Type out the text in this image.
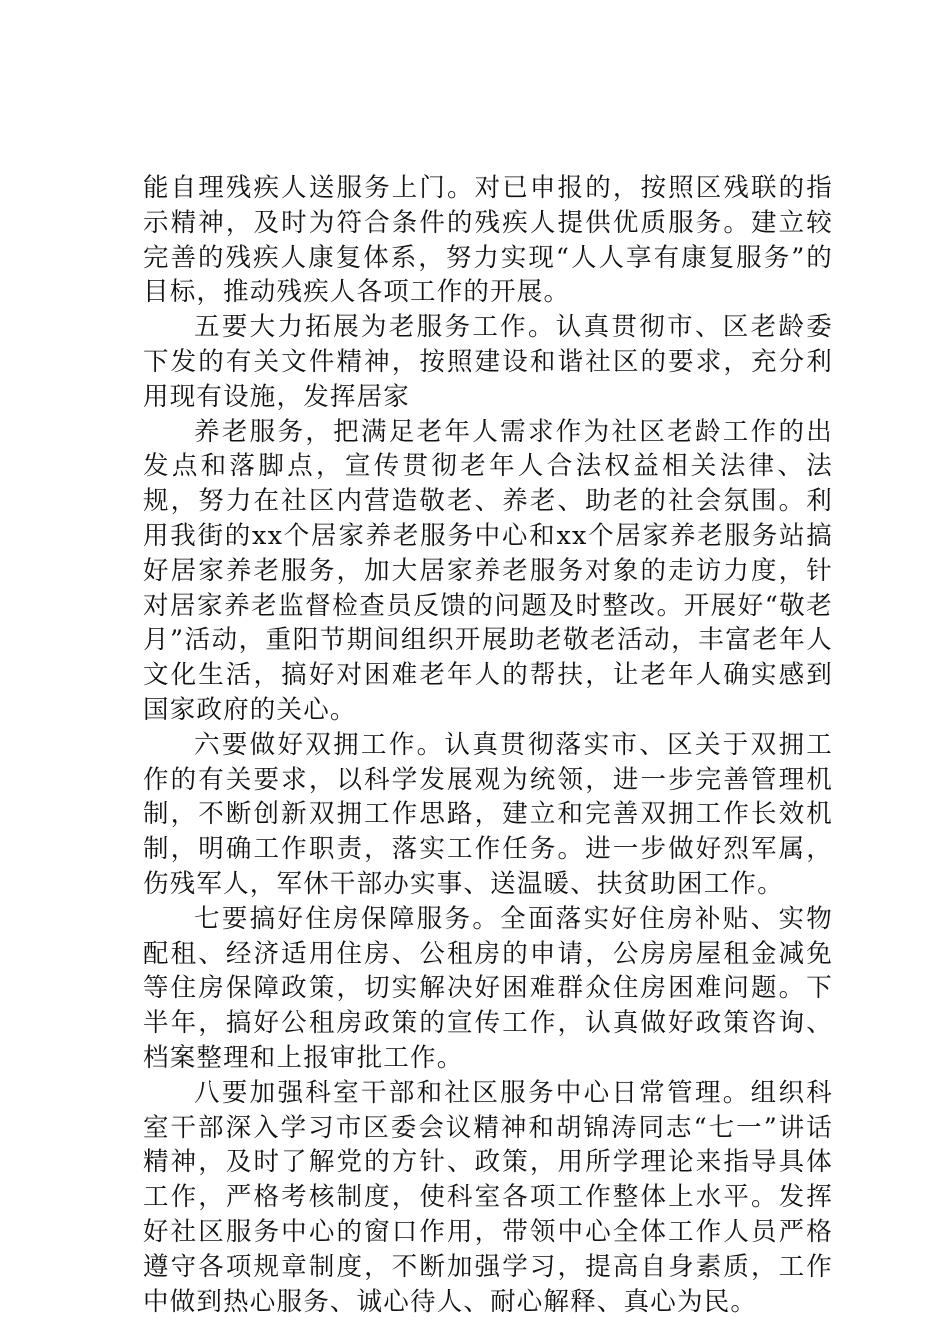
能自理残疾人送服务上门。对已申报的，按照区残联的指示精神，及时为符合条件的残疾人提供优质服务。建立较完善的残疾人康复体系，努力实现“人人享有康复服务”的目标，推动残疾人各项工作的开展。

五要大力拓展为老服务工作。认真贯彻市、区老龄委下发的有关文件精神，按照建设和谐社区的要求，充分利用现有设施，发挥居家

养老服务，把满足老年人需求作为社区老龄工作的出发点和落脚点，宣传贯彻老年人合法权益相关法律、法规，努力在社区内营造敬老、养老、助老的社会氛围。利用我街的xx个居家养老服务中心和xx个居家养老服务站搞好居家养老服务，加大居家养老服务对象的走访力度，针对居家养老监督检查员反馈的问题及时整改。开展好“敬老月”活动，重阳节期间组织开展助老敬老活动，丰富老年人文化生活，搞好对困难老年人的帮扶，让老年人确实感到国家政府的关心。

六要做好双拥工作。认真贯彻落实市、区关于双拥工作的有关要求，以科学发展观为统领，进一步完善管理机制，不断创新双拥工作思路，建立和完善双拥工作长效机制，明确工作职责，落实工作任务。进一步做好烈军属，伤残军人，军休干部办实事、送温暖、扶贫助困工作。

七要搞好住房保障服务。全面落实好住房补贴、实物配租、经济适用住房、公租房的申请，公房房屋租金减免等住房保障政策，切实解决好困难群众住房困难问题。下半年，搞好公租房政策的宣传工作，认真做好政策咨询、档案整理和上报审批工作。

八要加强科室干部和社区服务中心日常管理。组织科室干部深入学习市区委会议精神和胡锦涛同志“七一”讲话精神，及时了解党的方针、政策，用所学理论来指导具体工作，严格考核制度，使科室各项工作整体上水平。发挥好社区服务中心的窗口作用，带领中心全体工作人员严格遵守各项规章制度，不断加强学习，提高自身素质，工作中做到热心服务、诚心待人、耐心解释、真心为民。
